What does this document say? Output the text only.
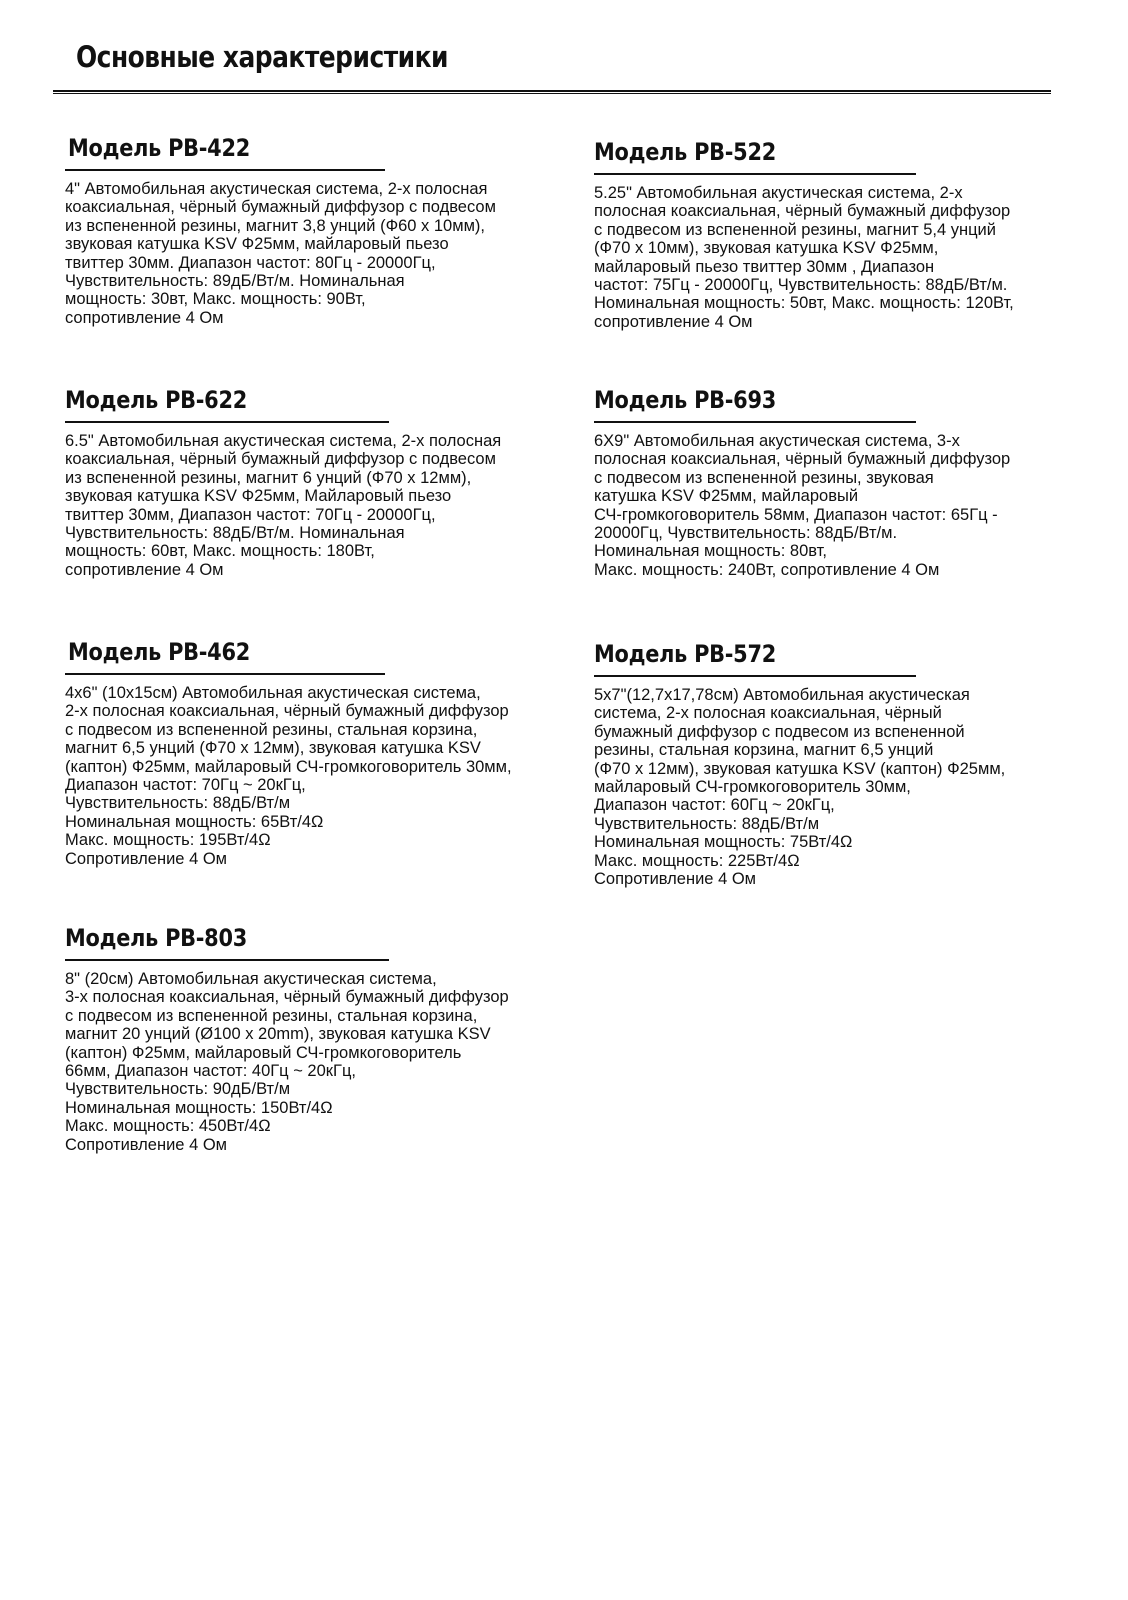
Основные характеристики
Модель PB-422
4" Автомобильная акустическая система, 2-х полосная
коаксиальная, чёрный бумажный диффузор с подвесом
из вспененной резины, магнит 3,8 унций (Ф60 х 10мм),
звуковая катушка KSV Ф25мм, майларовый пьезо
твиттер 30мм. Диапазон частот: 80Гц - 20000Гц,
Чувствительность: 89дБ/Вт/м. Номинальная
мощность: 30вт, Макс. мощность: 90Вт,
сопротивление 4 Ом
Модель PB-522
5.25" Автомобильная акустическая система, 2-х
полосная коаксиальная, чёрный бумажный диффузор
с подвесом из вспененной резины, магнит 5,4 унций
(Ф70 х 10мм), звуковая катушка KSV Ф25мм,
майларовый пьезо твиттер 30мм , Диапазон
частот: 75Гц - 20000Гц, Чувствительность: 88дБ/Вт/м.
Номинальная мощность: 50вт, Макс. мощность: 120Вт,
сопротивление 4 Ом
Модель PB-622
6.5" Автомобильная акустическая система, 2-х полосная
коаксиальная, чёрный бумажный диффузор с подвесом
из вспененной резины, магнит 6 унций (Ф70 х 12мм),
звуковая катушка KSV Ф25мм, Майларовый пьезо
твиттер 30мм, Диапазон частот: 70Гц - 20000Гц,
Чувствительность: 88дБ/Вт/м. Номинальная
мощность: 60вт, Макс. мощность: 180Вт,
сопротивление 4 Ом
Модель PB-693
6Х9" Автомобильная акустическая система, 3-х
полосная коаксиальная, чёрный бумажный диффузор
с подвесом из вспененной резины, звуковая
катушка KSV Ф25мм, майларовый
СЧ-громкоговоритель 58мм, Диапазон частот: 65Гц -
20000Гц, Чувствительность: 88дБ/Вт/м.
Номинальная мощность: 80вт,
Макс. мощность: 240Вт, сопротивление 4 Ом
Модель PB-462
4x6" (10x15см) Автомобильная акустическая система,
2-х полосная коаксиальная, чёрный бумажный диффузор
с подвесом из вспененной резины, стальная корзина,
магнит 6,5 унций (Ф70 х 12мм), звуковая катушка KSV
(каптон) Ф25мм, майларовый СЧ-громкоговоритель 30мм,
Диапазон частот: 70Гц ~ 20кГц,
Чувствительность: 88дБ/Вт/м
Номинальная мощность: 65Вт/4Ω
Макс. мощность: 195Вт/4Ω
Сопротивление 4 Ом
Модель PB-572
5x7"(12,7x17,78см) Автомобильная акустическая
система, 2-х полосная коаксиальная, чёрный
бумажный диффузор с подвесом из вспененной
резины, стальная корзина, магнит 6,5 унций
(Ф70 х 12мм), звуковая катушка KSV (каптон) Ф25мм,
майларовый СЧ-громкоговоритель 30мм,
Диапазон частот: 60Гц ~ 20кГц,
Чувствительность: 88дБ/Вт/м
Номинальная мощность: 75Вт/4Ω
Макс. мощность: 225Вт/4Ω
Сопротивление 4 Ом
Модель PB-803
8" (20см) Автомобильная акустическая система,
3-х полосная коаксиальная, чёрный бумажный диффузор
с подвесом из вспененной резины, стальная корзина,
магнит 20 унций (Ø100 х 20mm), звуковая катушка KSV
(каптон) Ф25мм, майларовый СЧ-громкоговоритель
66мм, Диапазон частот: 40Гц ~ 20кГц,
Чувствительность: 90дБ/Вт/м
Номинальная мощность: 150Вт/4Ω
Макс. мощность: 450Вт/4Ω
Сопротивление 4 Ом
